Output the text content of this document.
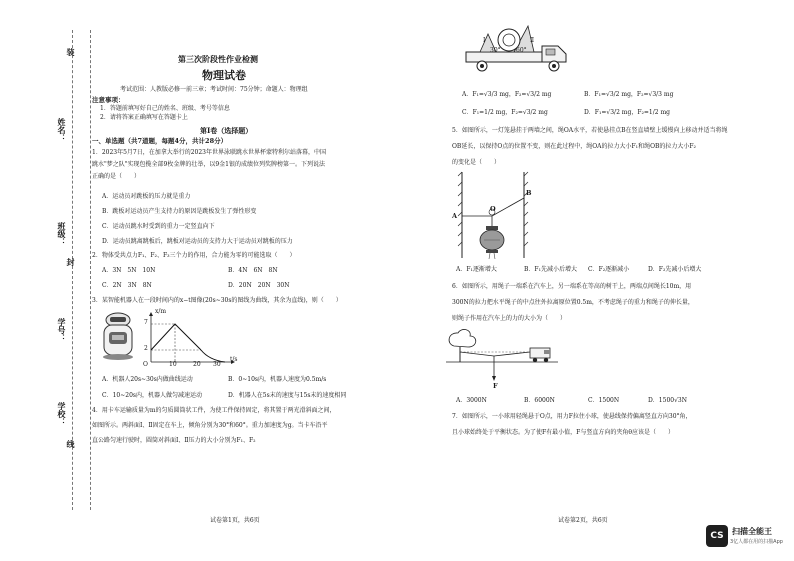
装
姓名：
班级：
封
学号：
学校：
线
第三次阶段性作业检测
物理试卷
考试范围：人教版必修一前三章；考试时间：75分钟；命题人：物理组
注意事项：
1．答题前填写好自己的姓名、班级、考号等信息
2．请将答案正确填写在答题卡上
第Ⅰ卷（选择题）
一、单选题（共7道题，每题4分，共计28分）
1．2023年5月7日，在加拿大举行的2023年世界泳联跳水世界杯蒙特利尔站落幕，中国
跳水"梦之队"实现包揽全部9枚金牌的壮举，以9金1银的成绩位列奖牌榜第一。下列说法
正确的是（　　）
A．运动员对跳板的压力就是重力
B．跳板对运动员产生支持力的原因是跳板发生了弹性形变
C．运动员跳水时受到的重力一定竖直向下
D．运动员跳离跳板后，跳板对运动员的支持力大于运动员对跳板的压力
2．物体受共点力F₁、F₂、F₃三个力的作用，合力能为零的可能选取（　　）
A．3N　5N　10N	B．4N　6N　8N
C．2N　3N　8N	D．20N　20N　30N
3．某智能机器人在一段时间内的x−t图像(20s~30s的图线为曲线，其余为直线)，则（　　）
x/m
7
2
O	10	20 30
t/s
A．机器人20s~30s内做曲线运动	B．0~10s内，机器人速度为0.5m/s
C．10~20s内，机器人做匀减速运动	D．机器人在5s末的速度与15s末的速度相同
4．用卡车运输质量为m的匀质圆筒状工件，为使工件保持固定，将其置于两光滑斜面之间，
如图所示。两斜面Ⅰ、Ⅱ固定在车上，倾角分别为30°和60°。重力加速度为g。当卡车沿平
直公路匀速行驶时，圆筒对斜面Ⅰ、Ⅱ压力的大小分别为F₁、F₂
试卷第1页，共6页
Ⅰ	Ⅱ
30°	60°
A．F₁=√3/3 mg，F₂=√3/2 mg	B．F₁=√3/2 mg，F₂=√3/3 mg
C．F₁=1/2 mg，F₂=√3/2 mg	D．F₁=√3/2 mg，F₂=1/2 mg
5．如图所示，一灯笼悬挂于两墙之间，绳OA水平，若使悬挂点B在竖直墙壁上缓慢向上移动并适当将绳
OB延长，以保持O点的位置不变，则在此过程中，绳OA的拉力大小F₁和绳OB的拉力大小F₂
的变化是（　　）
A
O
B
A．F₁逐渐增大	B．F₁先减小后增大 C．F₂逐渐减小	D．F₂先减小后增大
6．如图所示，用绳子一端系在汽车上，另一端系在等高的树干上，两端点间绳长10m，用
300N的拉力把水平绳子的中点往外拉离原位置0.5m，不考虑绳子的重力和绳子的伸长量，
则绳子作用在汽车上的力的大小为（　　）
F
A．3000N	B．6000N	C．1500N	D．1500√3N
7．如图所示，一小球用轻绳悬于O点，用力F拉住小球，使悬线保持偏离竖直方向30°角，
且小球始终处于平衡状态。为了使F有最小值，F与竖直方向的夹角θ应该是（　　）
试卷第2页，共6页
CS	扫描全能王
3亿人都在用的扫描App
